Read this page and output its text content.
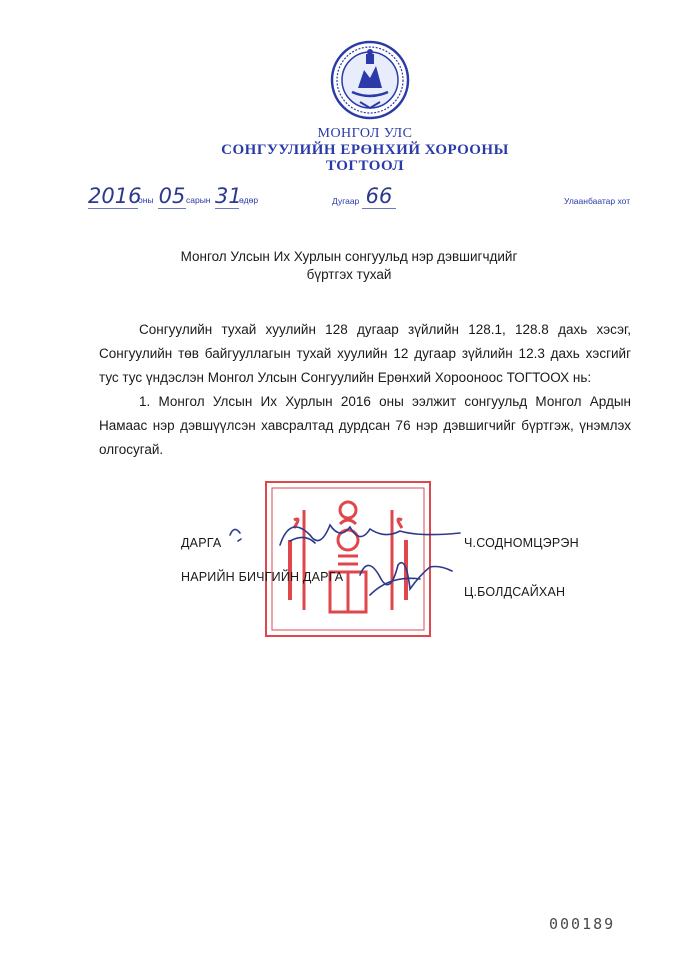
МОНГОЛ УЛС
СОНГУУЛИЙН ЕРӨНХИЙ ХОРООНЫ
ТОГТООЛ
2016оны 05сарын 31өдөр	Дугаар 66	Улаанбаатар хот
Монгол Улсын Их Хурлын сонгуульд нэр дэвшигчдийг
бүртгэх тухай
Сонгуулийн тухай хуулийн 128 дугаар зүйлийн 128.1, 128.8 дахь хэсэг, Сонгуулийн төв байгууллагын тухай хуулийн 12 дугаар зүйлийн 12.3 дахь хэсгийг тус тус үндэслэн Монгол Улсын Сонгуулийн Ерөнхий Хорооноос ТОГТООХ нь:
1. Монгол Улсын Их Хурлын 2016 оны ээлжит сонгуульд Монгол Ардын Намаас нэр дэвшүүлсэн хавсралтад дурдсан 76 нэр дэвшигчийг бүртгэж, үнэмлэх олгосугай.
ДАРГА	Ч.СОДНОМЦЭРЭН
НАРИЙН БИЧГИЙН ДАРГА
Ц.БОЛДСАЙХАН
000189
